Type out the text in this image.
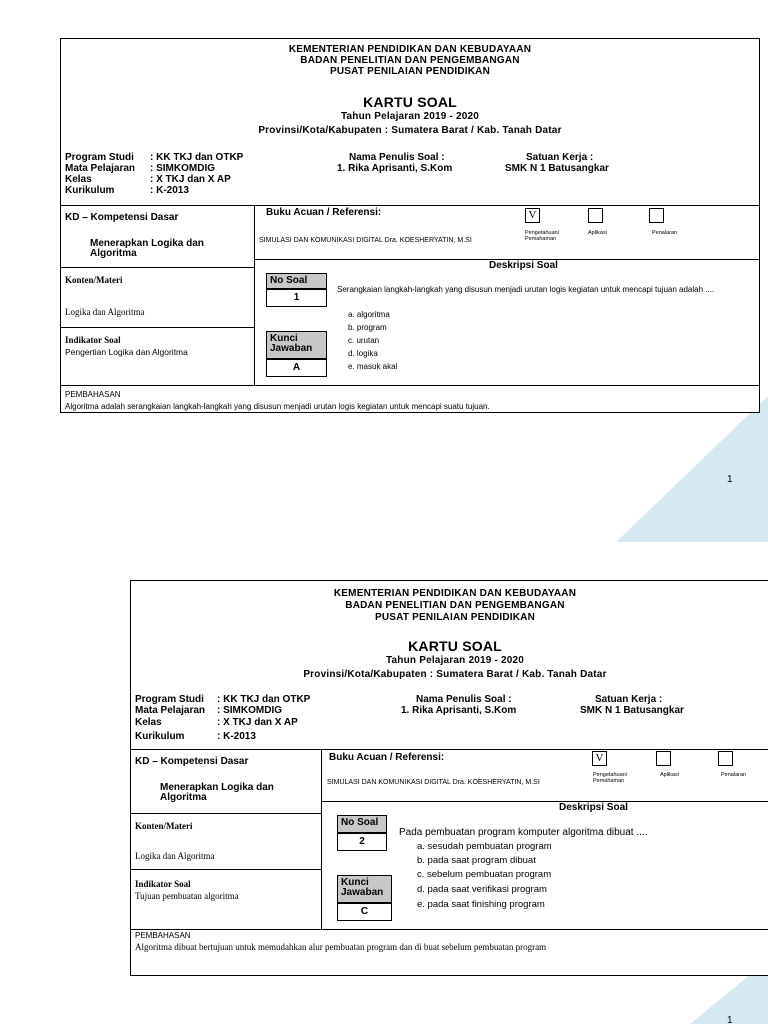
1
1
KEMENTERIAN PENDIDIKAN DAN KEBUDAYAAN
BADAN PENELITIAN DAN PENGEMBANGAN
PUSAT PENILAIAN PENDIDIKAN
KARTU SOAL
Tahun Pelajaran 2019 - 2020
Provinsi/Kota/Kabupaten : Sumatera Barat / Kab. Tanah Datar
Program Studi : KK TKJ dan OTKP
Mata Pelajaran : SIMKOMDIG
Kelas	: X TKJ dan X AP
Kurikulum	: K-2013
Nama Penulis Soal :
1. Rika Aprisanti, S.Kom
Satuan Kerja :
SMK N 1 Batusangkar
KD – Kompetensi Dasar
Menerapkan Logika dan Algoritma
Buku Acuan / Referensi:
SIMULASI DAN KOMUNIKASI DIGITAL Dra. KOESHERYATIN, M.SI
V
Pengetahuan/ Pemahaman
Aplikasi	Penalaran
Konten/Materi
Logika dan Algoritma
Indikator Soal
Pengertian Logika dan Algoritma
Deskripsi Soal
No Soal
1
Kunci Jawaban
A
Serangkaian langkah-langkah yang disusun menjadi urutan logis kegiatan untuk mencapi tujuan adalah ....
a. algoritma
b. program
c. urutan
d. logika
e. masuk akal
PEMBAHASAN
Algoritma adalah serangkaian langkah-langkah yang disusun menjadi urutan logis kegiatan untuk mencapi suatu tujuan.
KEMENTERIAN PENDIDIKAN DAN KEBUDAYAAN
BADAN PENELITIAN DAN PENGEMBANGAN
PUSAT PENILAIAN PENDIDIKAN
KARTU SOAL
Tahun Pelajaran 2019 - 2020
Provinsi/Kota/Kabupaten : Sumatera Barat / Kab. Tanah Datar
Program Studi : KK TKJ dan OTKP
Mata Pelajaran : SIMKOMDIG
Kelas	: X TKJ dan X AP
Kurikulum	: K-2013
Nama Penulis Soal :
1. Rika Aprisanti, S.Kom
Satuan Kerja :
SMK N 1 Batusangkar
KD – Kompetensi Dasar
Menerapkan Logika dan Algoritma
Buku Acuan / Referensi:
SIMULASI DAN KOMUNIKASI DIGITAL Dra. KOESHERYATIN, M.SI
V
Pengetahuan/ Pemahaman
Aplikasi	Penalaran
Konten/Materi
Logika dan Algoritma
Indikator Soal
Tujuan pembuatan algoritma
Deskripsi Soal
No Soal
2
Kunci Jawaban
C
Pada pembuatan program komputer algoritma dibuat ....
a. sesudah pembuatan program
b. pada saat program dibuat
c. sebelum pembuatan program
d. pada saat verifikasi program
e. pada saat finishing program
PEMBAHASAN
Algoritma dibuat bertujuan untuk memudahkan alur pembuatan program dan di buat sebelum pembuatan program
